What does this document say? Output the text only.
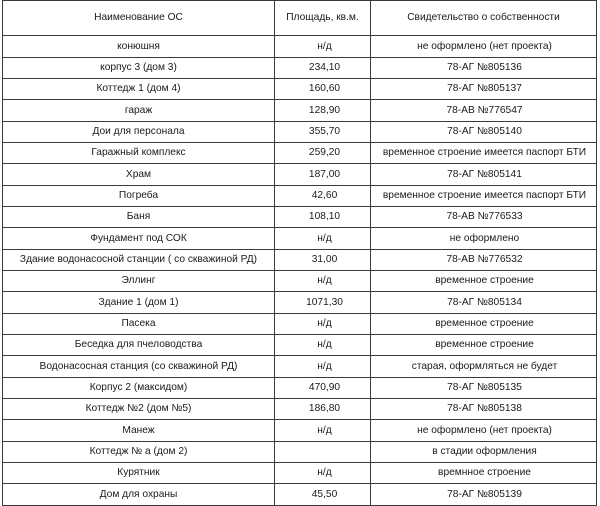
Наименование ОС	Площадь, кв.м.	Свидетельство о собственности
конюшня	н/д	не оформлено (нет проекта)
корпус 3 (дом 3)	234,10	78-АГ №805136
Коттедж 1 (дом 4)	160,60	78-АГ №805137
гараж	128,90	78-АВ №776547
Дои для персонала	355,70	78-АГ №805140
Гаражный комплекс	259,20	временное строение имеется паспорт БТИ
Храм	187,00	78-АГ №805141
Погреба	42,60	временное строение имеется паспорт БТИ
Баня	108,10	78-АВ №776533
Фундамент под СОК	н/д	не оформлено
Здание водонасосной станции ( со скважиной РД)	31,00	78-АВ №776532
Эллинг	н/д	временное строение
Здание 1 (дом 1)	1071,30	78-АГ №805134
Пасека	н/д	временное строение
Беседка для пчеловодства	н/д	временное строение
Водонасосная станция (со скважиной РД)	н/д	старая, оформляться не будет
Корпус 2 (максидом)	470,90	78-АГ №805135
Коттедж №2 (дом №5)	186,80	78-АГ №805138
Манеж	н/д	не оформлено (нет проекта)
Коттедж № а (дом 2)		в стадии оформления
Курятник	н/д	времнное строение
Дом для охраны	45,50	78-АГ №805139
